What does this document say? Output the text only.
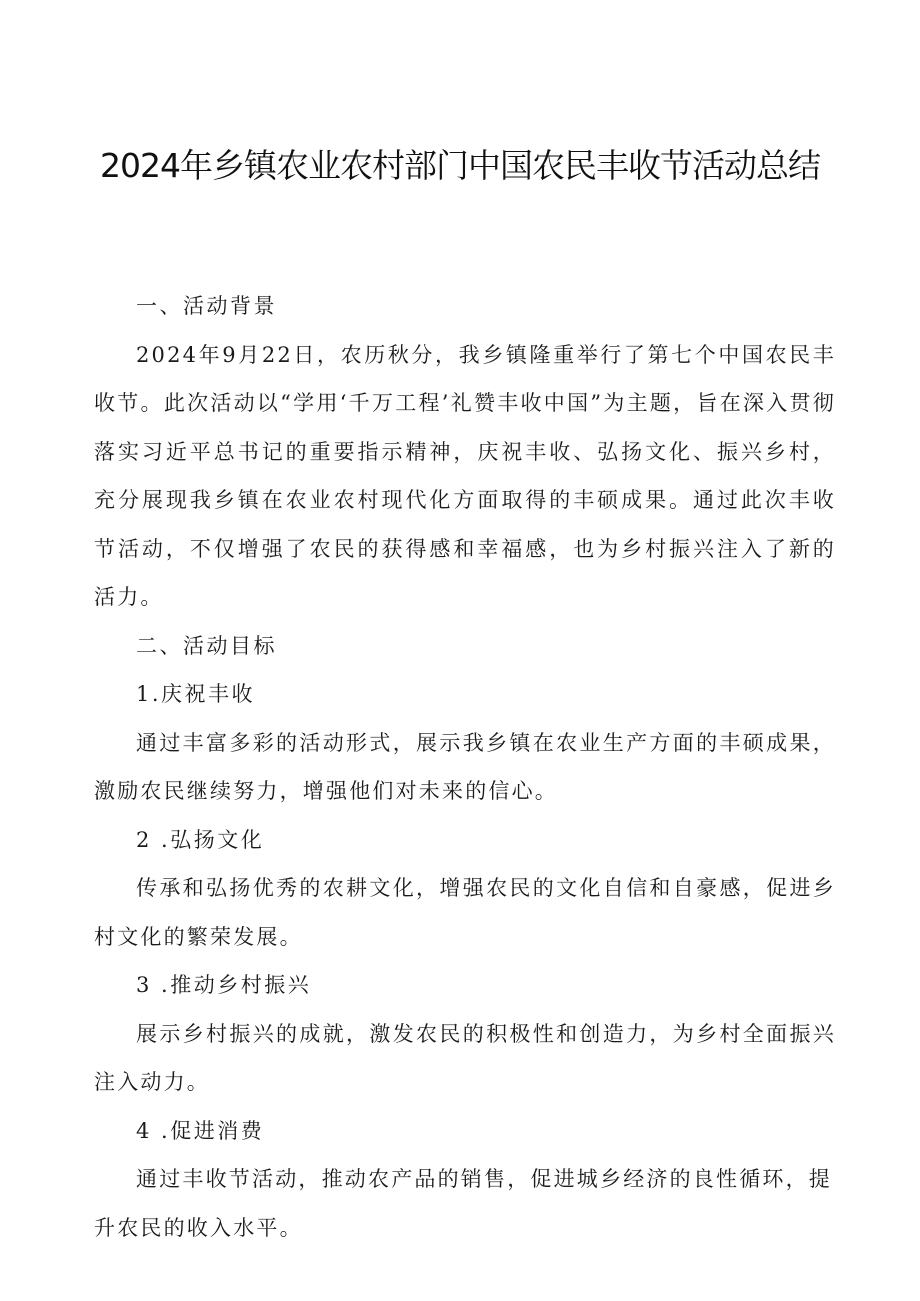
2024年乡镇农业农村部门中国农民丰收节活动总结

一、活动背景

2024年9月22日，农历秋分，我乡镇隆重举行了第七个中国农民丰收节。此次活动以“学用‘千万工程’礼赞丰收中国”为主题，旨在深入贯彻落实习近平总书记的重要指示精神，庆祝丰收、弘扬文化、振兴乡村，充分展现我乡镇在农业农村现代化方面取得的丰硕成果。通过此次丰收节活动，不仅增强了农民的获得感和幸福感，也为乡村振兴注入了新的活力。

二、活动目标

1.庆祝丰收

通过丰富多彩的活动形式，展示我乡镇在农业生产方面的丰硕成果，激励农民继续努力，增强他们对未来的信心。

2 .弘扬文化

传承和弘扬优秀的农耕文化，增强农民的文化自信和自豪感，促进乡村文化的繁荣发展。

3 .推动乡村振兴

展示乡村振兴的成就，激发农民的积极性和创造力，为乡村全面振兴注入动力。

4 .促进消费

通过丰收节活动，推动农产品的销售，促进城乡经济的良性循环，提升农民的收入水平。
